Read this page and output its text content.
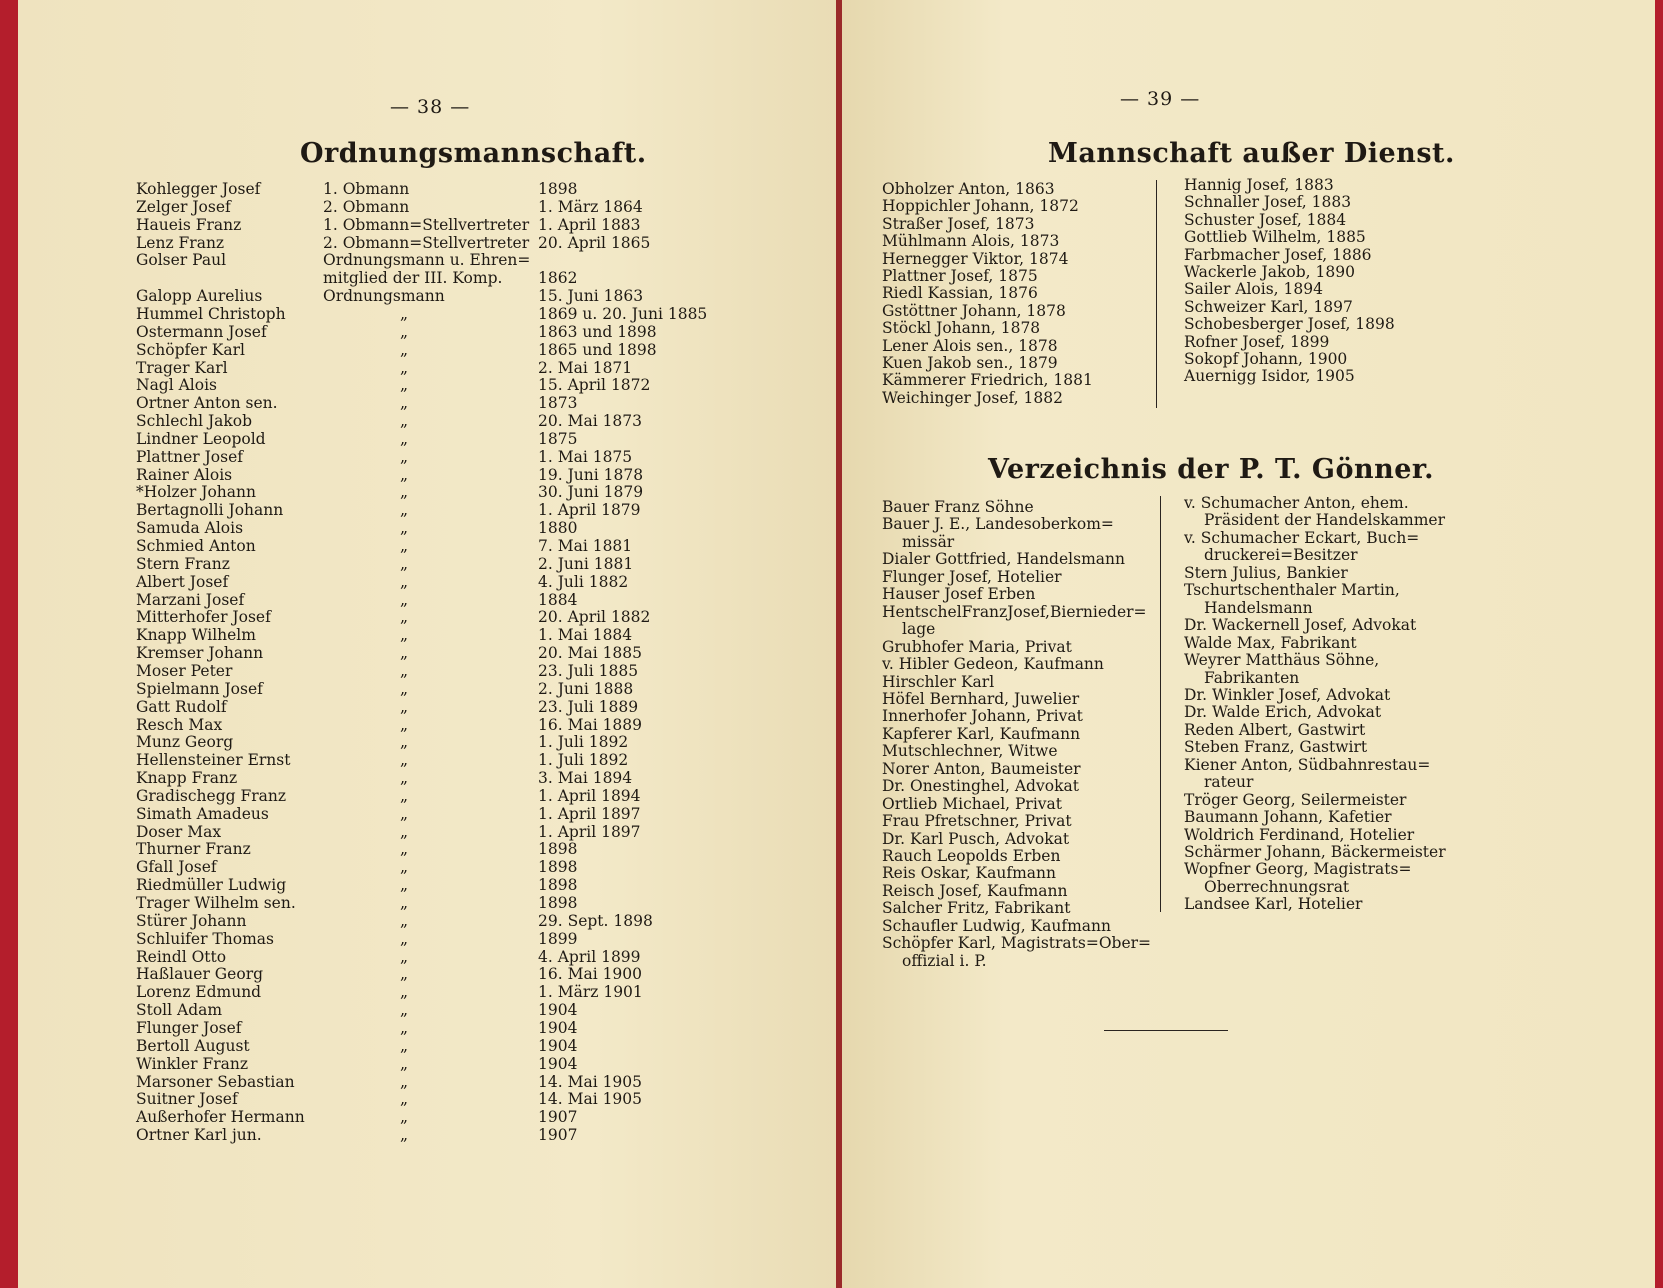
— 38 —
Ordnungsmannschaft.
Kohlegger Josef	1. Obmann	1898
Zelger Josef	2. Obmann	1. März 1864
Haueis Franz	1. Obmann=Stellvertreter 1. April 1883
Lenz Franz	2. Obmann=Stellvertreter 20. April 1865
Golser Paul	Ordnungsmann u. Ehren=
mitglied der III. Komp. 1862
Galopp Aurelius	Ordnungsmann	15. Juni 1863
Hummel Christoph	„	1869 u. 20. Juni 1885
Ostermann Josef	„	1863 und 1898
Schöpfer Karl	„	1865 und 1898
Trager Karl	„	2. Mai 1871
Nagl Alois	„	15. April 1872
Ortner Anton sen.	„	1873
Schlechl Jakob	„	20. Mai 1873
Lindner Leopold	„	1875
Plattner Josef	„	1. Mai 1875
Rainer Alois	„	19. Juni 1878
*Holzer Johann	„	30. Juni 1879
Bertagnolli Johann	„	1. April 1879
Samuda Alois	„	1880
Schmied Anton	„	7. Mai 1881
Stern Franz	„	2. Juni 1881
Albert Josef	„	4. Juli 1882
Marzani Josef	„	1884
Mitterhofer Josef	„	20. April 1882
Knapp Wilhelm	„	1. Mai 1884
Kremser Johann	„	20. Mai 1885
Moser Peter	„	23. Juli 1885
Spielmann Josef	„	2. Juni 1888
Gatt Rudolf	„	23. Juli 1889
Resch Max	„	16. Mai 1889
Munz Georg	„	1. Juli 1892
Hellensteiner Ernst	„	1. Juli 1892
Knapp Franz	„	3. Mai 1894
Gradischegg Franz	„	1. April 1894
Simath Amadeus	„	1. April 1897
Doser Max	„	1. April 1897
Thurner Franz	„	1898
Gfall Josef	„	1898
Riedmüller Ludwig	„	1898
Trager Wilhelm sen.	„	1898
Stürer Johann	„	29. Sept. 1898
Schluifer Thomas	„	1899
Reindl Otto	„	4. April 1899
Haßlauer Georg	„	16. Mai 1900
Lorenz Edmund	„	1. März 1901
Stoll Adam	„	1904
Flunger Josef	„	1904
Bertoll August	„	1904
Winkler Franz	„	1904
Marsoner Sebastian	„	14. Mai 1905
Suitner Josef	„	14. Mai 1905
Außerhofer Hermann	„	1907
Ortner Karl jun.	„	1907
— 39 —
Mannschaft außer Dienst.
Obholzer Anton, 1863
Hoppichler Johann, 1872
Straßer Josef, 1873
Mühlmann Alois, 1873
Hernegger Viktor, 1874
Plattner Josef, 1875
Riedl Kassian, 1876
Gstöttner Johann, 1878
Stöckl Johann, 1878
Lener Alois sen., 1878
Kuen Jakob sen., 1879
Kämmerer Friedrich, 1881
Weichinger Josef, 1882
Hannig Josef, 1883
Schnaller Josef, 1883
Schuster Josef, 1884
Gottlieb Wilhelm, 1885
Farbmacher Josef, 1886
Wackerle Jakob, 1890
Sailer Alois, 1894
Schweizer Karl, 1897
Schobesberger Josef, 1898
Rofner Josef, 1899
Sokopf Johann, 1900
Auernigg Isidor, 1905
Verzeichnis der P. T. Gönner.
Bauer Franz Söhne
Bauer J. E., Landesoberkom=
missär
Dialer Gottfried, Handelsmann
Flunger Josef, Hotelier
Hauser Josef Erben
HentschelFranzJosef,Biernieder=
lage
Grubhofer Maria, Privat
v. Hibler Gedeon, Kaufmann
Hirschler Karl
Höfel Bernhard, Juwelier
Innerhofer Johann, Privat
Kapferer Karl, Kaufmann
Mutschlechner, Witwe
Norer Anton, Baumeister
Dr. Onestinghel, Advokat
Ortlieb Michael, Privat
Frau Pfretschner, Privat
Dr. Karl Pusch, Advokat
Rauch Leopolds Erben
Reis Oskar, Kaufmann
Reisch Josef, Kaufmann
Salcher Fritz, Fabrikant
Schaufler Ludwig, Kaufmann
Schöpfer Karl, Magistrats=Ober=
offizial i. P.
v. Schumacher Anton, ehem.
Präsident der Handelskammer
v. Schumacher Eckart, Buch=
druckerei=Besitzer
Stern Julius, Bankier
Tschurtschenthaler Martin,
Handelsmann
Dr. Wackernell Josef, Advokat
Walde Max, Fabrikant
Weyrer Matthäus Söhne,
Fabrikanten
Dr. Winkler Josef, Advokat
Dr. Walde Erich, Advokat
Reden Albert, Gastwirt
Steben Franz, Gastwirt
Kiener Anton, Südbahnrestau=
rateur
Tröger Georg, Seilermeister
Baumann Johann, Kafetier
Woldrich Ferdinand, Hotelier
Schärmer Johann, Bäckermeister
Wopfner Georg, Magistrats=
Oberrechnungsrat
Landsee Karl, Hotelier
